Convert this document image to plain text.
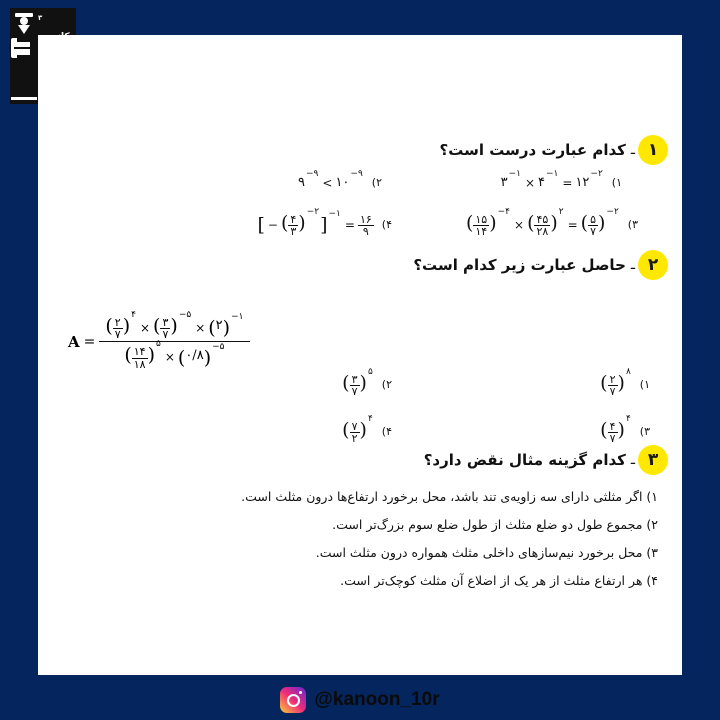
۳
۱
ـ
کدام عبارت درست است؟
۱)
۱۲
−۲
=
۴
−۱
×
۳
−۱
۲)
۱۰
−۹
<
۹
−۹
۳)
( $\frac{۵}{۷}$ ) −۲
=
( $\frac{۴۵}{۲۸}$ ) ۲
×
( $\frac{۱۵}{۱۴}$ ) −۴
۴)
$\frac{۱۶}{۹}$
=
] −۱
( $\frac{۴}{۳}$ ) −۲
−
[
۲
ـ
حاصل عبارت زیر کدام است؟
A =
( $\frac{۲}{۷}$ ) ۴
× ( $\frac{۳}{۷}$ ) −۵
× ( ۲ ) −۱
( $\frac{۱۴}{۱۸}$ ) ۵
× ( ۰/۸ ) −۵
۱)
( $\frac{۲}{۷}$ ) ۸
۲)
( $\frac{۳}{۷}$ ) ۵
۳)
( $\frac{۴}{۷}$ ) ۴
۴)
( $\frac{۷}{۲}$ ) ۴
۳
ـ
کدام گزینه مثال نقض دارد؟
۱) اگر مثلثی دارای سه زاویه‌ی تند باشد، محل برخورد ارتفاع‌ها درون مثلث است.
۲) مجموع طول دو ضلع مثلث از طول ضلع سوم بزرگ‌تر است.
۳) محل برخورد نیم‌سازهای داخلی مثلث همواره درون مثلث است.
۴) هر ارتفاع مثلث از هر یک از اضلاع آن مثلث کوچک‌تر است.
@kanoon_10r
